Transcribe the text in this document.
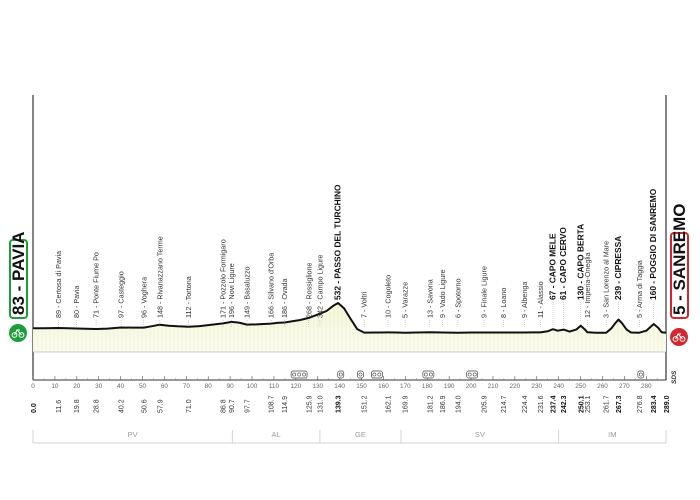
PV	AL	GE	SV	IM
0	10 20 30 40 50 60 70 80 90 100 110 120 130 140 150 160 170 180 190 200 210 220 230 240 250 260 270 280
89 - Certosa di Pavia
11.6
80 - Pavia
19.8
71 - Ponte Fiume Po
28.8
97 - Casteggio
40.2
96 - Voghera
50.6
148 - Rivanazzano Terme
57.9
112 - Tortona
71.0
171 - Pozzolo Formigaro
86.8
196 - Novi Ligure
90.7
149 - Basaluzzo
97.7
166 - Silvano d'Orba
108.7
186 - Ovada
114.9
268 - Rossiglione
125.9
342 - Campo Ligure
131.0
532 - PASSO DEL TURCHINO
139.3
7 - Voltri
151.2
10 - Cogoleto
162.1
5 - Varazze
169.9
13 - Savona
181.2
9 - Vado Ligure
186.9
6 - Spotorno
194.0
9 - Finale Ligure
205.9
8 - Loano
214.7
9 - Albenga
224.4
11 - Alassio
231.6
67 - CAPO MELE
237.4
61 - CAPO CERVO
242.3
130 - CAPO BERTA
250.1
12 - Imperia-Oneglia
253.1
3 - San Lorenzo al Mare
261.7
239 - CIPRESSA
267.3
5 - Arma di Taggia
276.8
160 - POGGIO DI SANREMO
283.4
83 - PAVIA	5 - SANREMO
SDS
0.0	289.0
